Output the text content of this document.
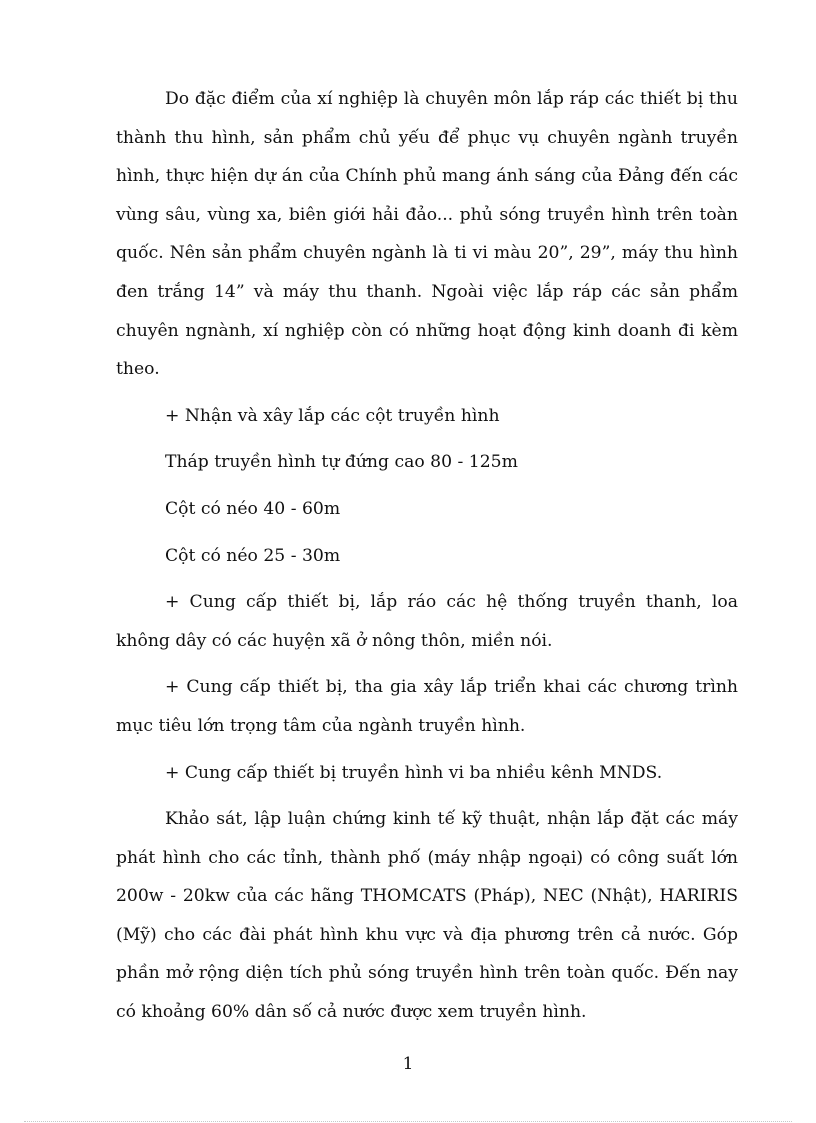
Do đặc điểm của xí nghiệp là chuyên môn lắp ráp các thiết bị thu thành thu hình, sản phẩm chủ yếu để phục vụ chuyên ngành truyền hình, thực hiện dự án của Chính phủ mang ánh sáng của Đảng đến các vùng sâu, vùng xa, biên giới hải đảo... phủ sóng truyền hình trên toàn quốc. Nên sản phẩm chuyên ngành là ti vi màu 20”, 29”, máy thu hình đen trắng 14” và máy thu thanh. Ngoài việc lắp ráp các sản phẩm chuyên ngnành, xí nghiệp còn có những hoạt động kinh doanh đi kèm theo.

+ Nhận và xây lắp các cột truyền hình

Tháp truyền hình tự đứng cao 80 - 125m

Cột có néo 40 - 60m

Cột có néo 25 - 30m

+ Cung cấp thiết bị, lắp ráo các hệ thống truyền thanh, loa không dây có các huyện xã ở nông thôn, miền nói.

+ Cung cấp thiết bị, tha gia xây lắp triển khai các chương trình mục tiêu lớn trọng tâm của ngành truyền hình.

+ Cung cấp thiết bị truyền hình vi ba nhiều kênh MNDS.

Khảo sát, lập luận chứng kinh tế kỹ thuật, nhận lắp đặt các máy phát hình cho các tỉnh, thành phố (máy nhập ngoại) có công suất lớn 200w - 20kw của các hãng THOMCATS (Pháp), NEC (Nhật), HARIRIS (Mỹ) cho các đài phát hình khu vực và địa phương trên cả nước. Góp phần mở rộng diện tích phủ sóng truyền hình trên toàn quốc. Đến nay có khoảng 60% dân số cả nước được xem truyền hình.

1
